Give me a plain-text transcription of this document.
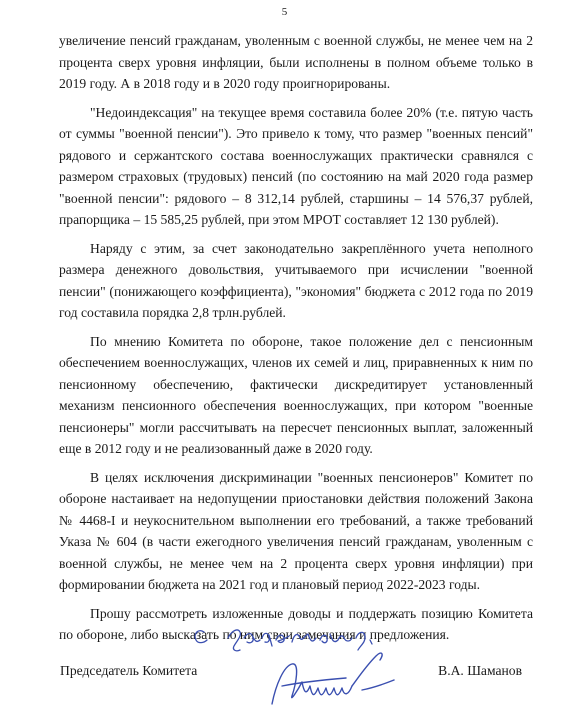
5

увеличение пенсий гражданам, уволенным с военной службы, не менее чем на 2 процента сверх уровня инфляции, были исполнены в полном объеме только в 2019 году. А в 2018 году и в 2020 году проигнорированы.

"Недоиндексация" на текущее время составила более 20% (т.е. пятую часть от суммы "военной пенсии"). Это привело к тому, что размер "военных пенсий" рядового и сержантского состава военнослужащих практически сравнялся с размером страховых (трудовых) пенсий (по состоянию на май 2020 года размер "военной пенсии": рядового – 8 312,14 рублей, старшины – 14 576,37 рублей, прапорщика – 15 585,25 рублей, при этом МРОТ составляет 12 130 рублей).

Наряду с этим, за счет законодательно закреплённого учета неполного размера денежного довольствия, учитываемого при исчислении "военной пенсии" (понижающего коэффициента), "экономия" бюджета с 2012 года по 2019 год составила порядка 2,8 трлн.рублей.

По мнению Комитета по обороне, такое положение дел с пенсионным обеспечением военнослужащих, членов их семей и лиц, приравненных к ним по пенсионному обеспечению, фактически дискредитирует установленный механизм пенсионного обеспечения военнослужащих, при котором "военные пенсионеры" могли рассчитывать на пересчет пенсионных выплат, заложенный еще в 2012 году и не реализованный даже в 2020 году.

В целях исключения дискриминации "военных пенсионеров" Комитет по обороне настаивает на недопущении приостановки действия положений Закона № 4468-I и неукоснительном выполнении его требований, а также требований Указа № 604 (в части ежегодного увеличения пенсий гражданам, уволенным с военной службы, не менее чем на 2 процента сверх уровня инфляции) при формировании бюджета на 2021 год и плановый период 2022-2023 годы.

Прошу рассмотреть изложенные доводы и поддержать позицию Комитета по обороне, либо высказать по ним свои замечания и предложения.

Председатель Комитета	В.А. Шаманов
